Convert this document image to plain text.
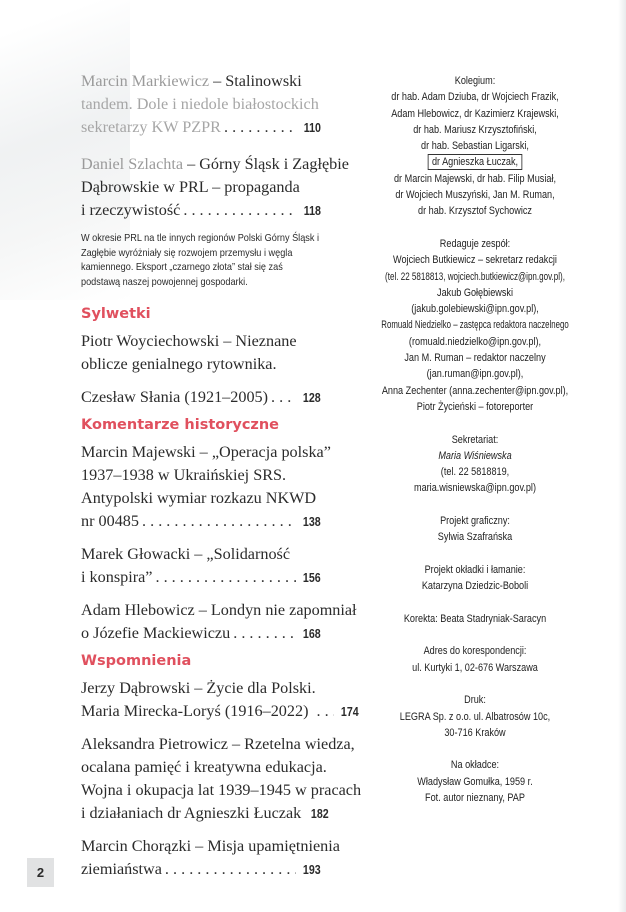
Marcin Markiewicz – Stalinowski
tandem. Dole i niedole białostockich
sekretarzy KW PZPR . . .	110
Daniel Szlachta – Górny Śląsk i Zagłębie
Dąbrowskie w PRL – propaganda
i rzeczywistość . . .	118
W okresie PRL na tle innych regionów Polski Górny Śląsk i Zagłębie wyróżniały się rozwojem przemysłu i węgla kamiennego. Eksport „czarnego złota” stał się zaś podstawą naszej powojennej gospodarki.
Sylwetki
Piotr Woyciechowski – Nieznane
oblicze genialnego rytownika.
Czesław Słania (1921–2005) . . .	128
Komentarze historyczne
Marcin Majewski – „Operacja polska”
1937–1938 w Ukraińskiej SRS.
Antypolski wymiar rozkazu NKWD
nr 00485 . . .	138
Marek Głowacki – „Solidarność
i konspira” . . .	156
Adam Hlebowicz – Londyn nie zapomniał
o Józefie Mackiewiczu . . .	168
Wspomnienia
Jerzy Dąbrowski – Życie dla Polski.
Maria Mirecka-Loryś (1916–2022) . . .	174
Aleksandra Pietrowicz – Rzetelna wiedza,
ocalana pamięć i kreatywna edukacja.
Wojna i okupacja lat 1939–1945 w pracach
i działaniach dr Agnieszki Łuczak 182
Marcin Chorązki – Misja upamiętnienia
ziemiaństwa . . .	193
Kolegium:
dr hab. Adam Dziuba, dr Wojciech Frazik,
Adam Hlebowicz, dr Kazimierz Krajewski,
dr hab. Mariusz Krzysztofiński,
dr hab. Sebastian Ligarski,
dr Agnieszka Łuczak,
dr Marcin Majewski, dr hab. Filip Musiał,
dr Wojciech Muszyński, Jan M. Ruman,
dr hab. Krzysztof Sychowicz
Redaguje zespół:
Wojciech Butkiewicz – sekretarz redakcji
(tel. 22 5818813, wojciech.butkiewicz@ipn.gov.pl),
Jakub Gołębiewski
(jakub.golebiewski@ipn.gov.pl),
Romuald Niedzielko – zastępca redaktora naczelnego
(romuald.niedzielko@ipn.gov.pl),
Jan M. Ruman – redaktor naczelny
(jan.ruman@ipn.gov.pl),
Anna Zechenter (anna.zechenter@ipn.gov.pl),
Piotr Życieński – fotoreporter
Sekretariat:
Maria Wiśniewska
(tel. 22 5818819,
maria.wisniewska@ipn.gov.pl)
Projekt graficzny:
Sylwia Szafrańska
Projekt okładki i łamanie:
Katarzyna Dziedzic-Boboli
Korekta: Beata Stadryniak-Saracyn
Adres do korespondencji:
ul. Kurtyki 1, 02-676 Warszawa
Druk:
LEGRA Sp. z o.o. ul. Albatrosów 10c,
30-716 Kraków
Na okładce:
Władysław Gomułka, 1959 r.
Fot. autor nieznany, PAP
2
